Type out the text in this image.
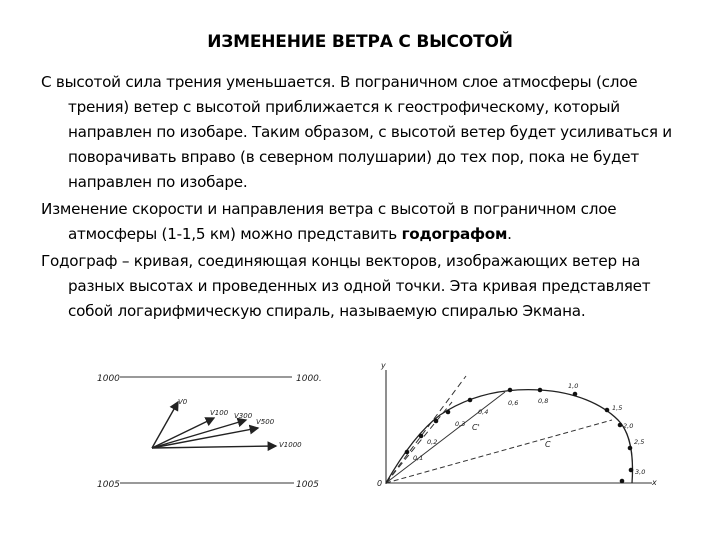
ИЗМЕНЕНИЕ ВЕТРА С ВЫСОТОЙ

С высотой сила трения уменьшается. В пограничном слое атмосферы (слое трения) ветер с высотой приближается к геострофическому, который направлен по изобаре. Таким образом, с высотой ветер будет усиливаться и поворачивать вправо (в северном полушарии) до тех пор, пока не будет направлен по изобаре.

Изменение скорости и направления ветра с высотой в пограничном слое атмосферы (1-1,5 км) можно представить годографом.

Годограф – кривая, соединяющая концы векторов, изображающих ветер на разных высотах и проведенных из одной точки. Эта кривая представляет собой логарифмическую спираль, называемую спиралью Экмана.

1000	1000.
1005	1005
V0
V100 V300
V500
V1000
y
x
0
0,1
0,2
0,3
0,4
0,6	0,8
1,0
1,5
2,0
2,5
3,0
C'
C
